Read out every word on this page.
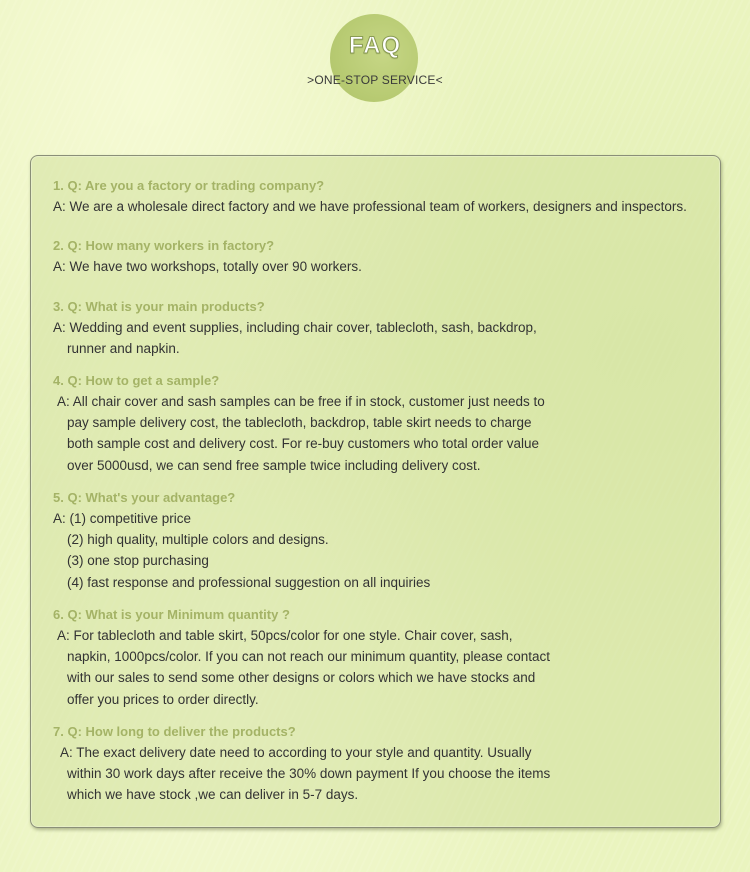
FAQ
>ONE-STOP SERVICE<
1. Q: Are you a factory or trading company?
A: We are a wholesale direct factory and we have professional team of workers, designers and inspectors.
2. Q: How many workers in factory?
A: We have two workshops, totally over 90 workers.
3. Q: What is your main products?
A: Wedding and event supplies, including chair cover, tablecloth, sash, backdrop,
runner and napkin.
4. Q: How to get a sample?
A: All chair cover and sash samples can be free if in stock, customer just needs to
pay sample delivery cost, the tablecloth, backdrop, table skirt needs to charge
both sample cost and delivery cost. For re-buy customers who total order value
over 5000usd, we can send free sample twice including delivery cost.
5. Q: What's your advantage?
A: (1) competitive price
(2) high quality, multiple colors and designs.
(3) one stop purchasing
(4) fast response and professional suggestion on all inquiries
6. Q: What is your Minimum quantity ?
A: For tablecloth and table skirt, 50pcs/color for one style. Chair cover, sash,
napkin, 1000pcs/color. If you can not reach our minimum quantity, please contact
with our sales to send some other designs or colors which we have stocks and
offer you prices to order directly.
7. Q: How long to deliver the products?
A: The exact delivery date need to according to your style and quantity. Usually
within 30 work days after receive the 30% down payment If you choose the items
which we have stock ,we can deliver in 5-7 days.
